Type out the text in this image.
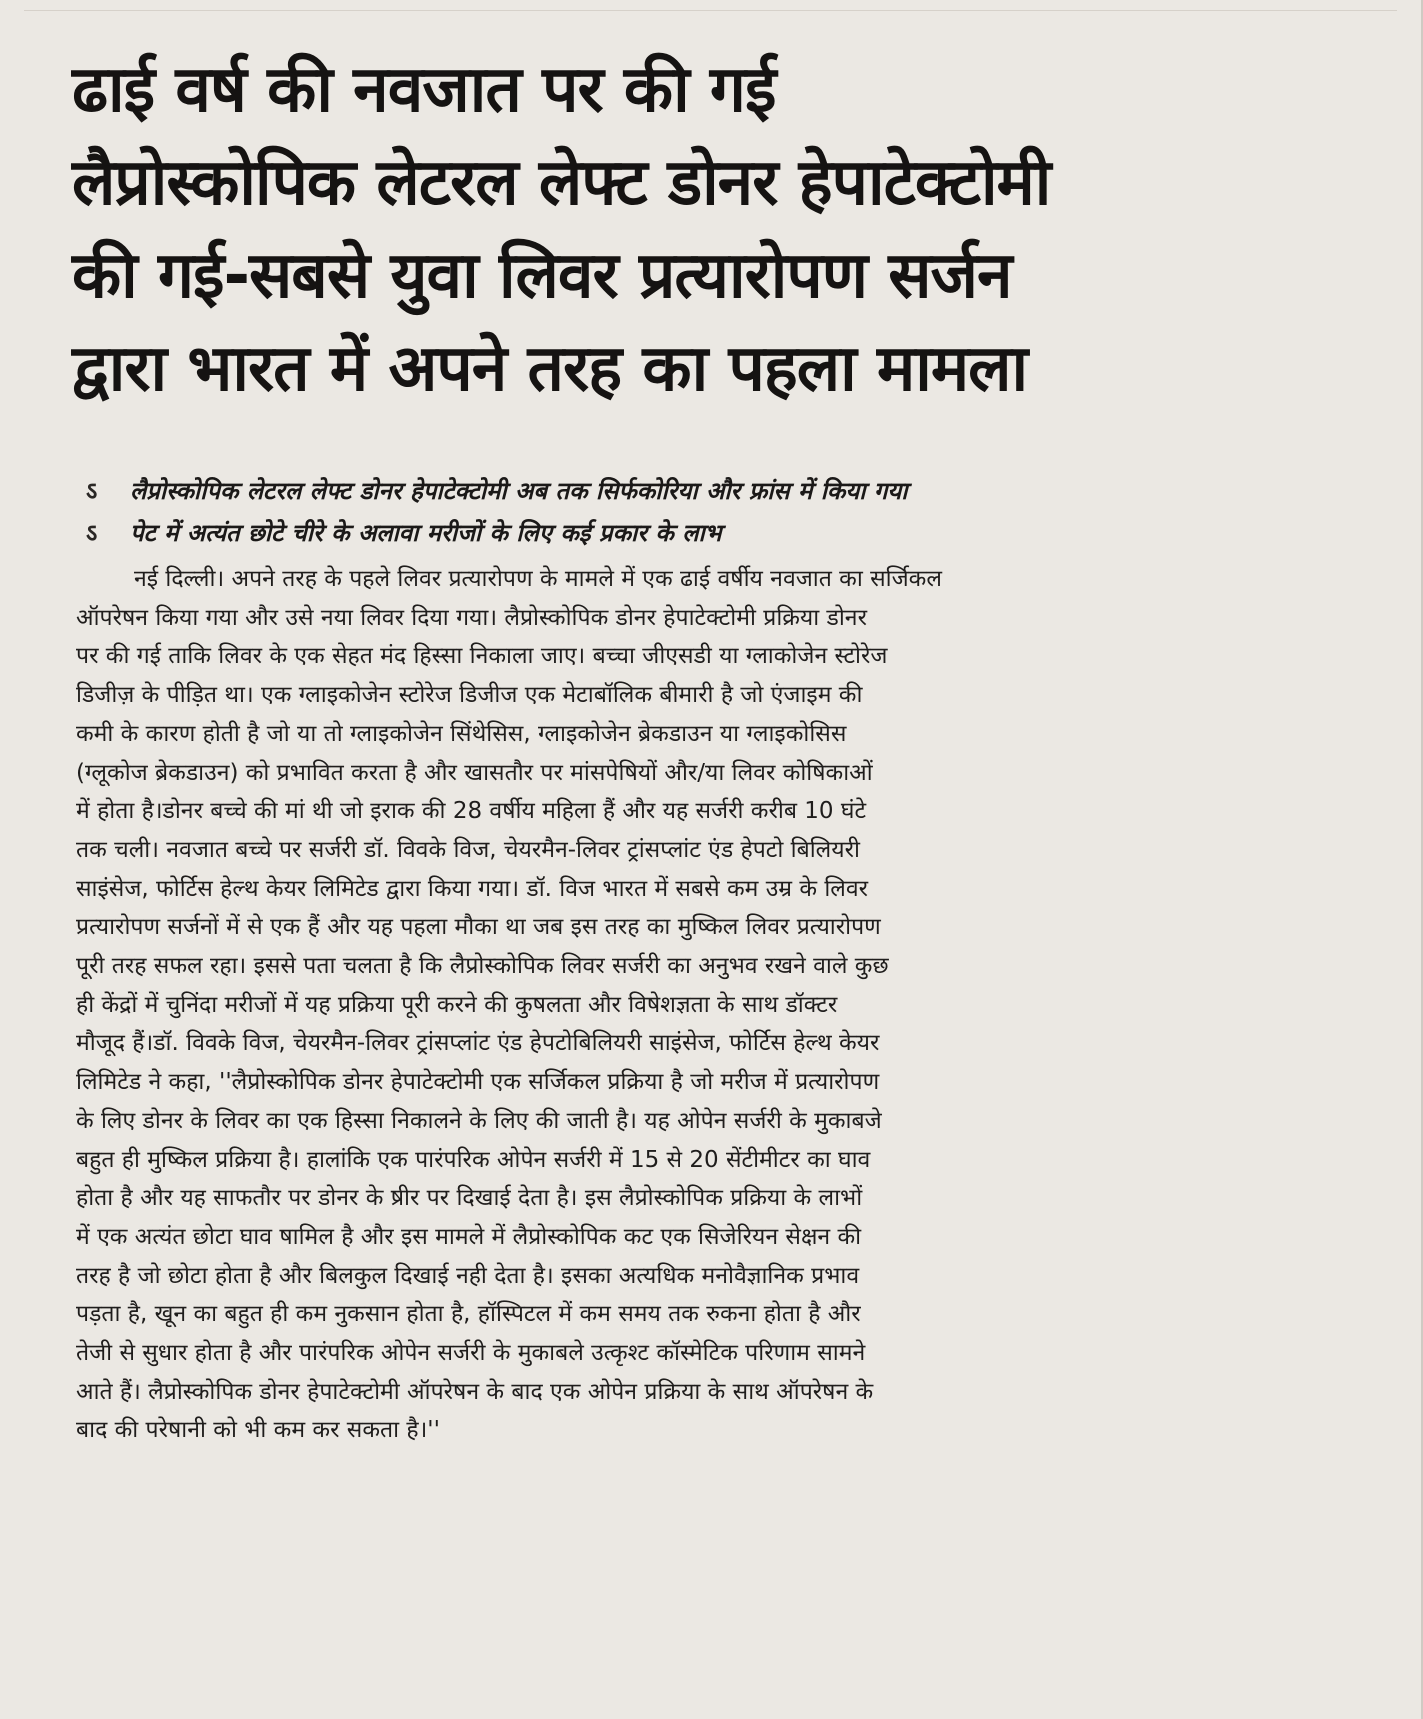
ढाई वर्ष की नवजात पर की गई
लैप्रोस्कोपिक लेटरल लेफ्ट डोनर हेपाटेक्टोमी
की गई-सबसे युवा लिवर प्रत्यारोपण सर्जन
द्वारा भारत में अपने तरह का पहला मामला
ऽ लैप्रोस्कोपिक लेटरल लेफ्ट डोनर हेपाटेक्टोमी अब तक सिर्फकोरिया और फ्रांस में किया गया
ऽ पेट में अत्यंत छोटे चीरे के अलावा मरीजों के लिए कई प्रकार के लाभ
नई दिल्ली। अपने तरह के पहले लिवर प्रत्यारोपण के मामले में एक ढाई वर्षीय नवजात का सर्जिकल
ऑपरेषन किया गया और उसे नया लिवर दिया गया। लैप्रोस्कोपिक डोनर हेपाटेक्टोमी प्रक्रिया डोनर
पर की गई ताकि लिवर के एक सेहत मंद हिस्सा निकाला जाए। बच्चा जीएसडी या ग्लाकोजेन स्टोरेज
डिजीज़ के पीड़ित था। एक ग्लाइकोजेन स्टोरेज डिजीज एक मेटाबॉलिक बीमारी है जो एंजाइम की
कमी के कारण होती है जो या तो ग्लाइकोजेन सिंथेसिस, ग्लाइकोजेन ब्रेकडाउन या ग्लाइकोसिस
(ग्लूकोज ब्रेकडाउन) को प्रभावित करता है और खासतौर पर मांसपेषियों और/या लिवर कोषिकाओं
में होता है।डोनर बच्चे की मां थी जो इराक की 28 वर्षीय महिला हैं और यह सर्जरी करीब 10 घंटे
तक चली। नवजात बच्चे पर सर्जरी डॉ. विवके विज, चेयरमैन-लिवर ट्रांसप्लांट एंड हेपटो बिलियरी
साइंसेज, फोर्टिस हेल्थ केयर लिमिटेड द्वारा किया गया। डॉ. विज भारत में सबसे कम उम्र के लिवर
प्रत्यारोपण सर्जनों में से एक हैं और यह पहला मौका था जब इस तरह का मुष्किल लिवर प्रत्यारोपण
पूरी तरह सफल रहा। इससे पता चलता है कि लैप्रोस्कोपिक लिवर सर्जरी का अनुभव रखने वाले कुछ
ही केंद्रों में चुनिंदा मरीजों में यह प्रक्रिया पूरी करने की कुषलता और विषेशज्ञता के साथ डॉक्टर
मौजूद हैं।डॉ. विवके विज, चेयरमैन-लिवर ट्रांसप्लांट एंड हेपटोबिलियरी साइंसेज, फोर्टिस हेल्थ केयर
लिमिटेड ने कहा, ''लैप्रोस्कोपिक डोनर हेपाटेक्टोमी एक सर्जिकल प्रक्रिया है जो मरीज में प्रत्यारोपण
के लिए डोनर के लिवर का एक हिस्सा निकालने के लिए की जाती है। यह ओपेन सर्जरी के मुकाबजे
बहुत ही मुष्किल प्रक्रिया है। हालांकि एक पारंपरिक ओपेन सर्जरी में 15 से 20 सेंटीमीटर का घाव
होता है और यह साफतौर पर डोनर के ष्रीर पर दिखाई देता है। इस लैप्रोस्कोपिक प्रक्रिया के लाभों
में एक अत्यंत छोटा घाव षामिल है और इस मामले में लैप्रोस्कोपिक कट एक सिजेरियन सेक्षन की
तरह है जो छोटा होता है और बिलकुल दिखाई नही देता है। इसका अत्यधिक मनोवैज्ञानिक प्रभाव
पड़ता है, खून का बहुत ही कम नुकसान होता है, हॉस्पिटल में कम समय तक रुकना होता है और
तेजी से सुधार होता है और पारंपरिक ओपेन सर्जरी के मुकाबले उत्कृश्ट कॉस्मेटिक परिणाम सामने
आते हैं। लैप्रोस्कोपिक डोनर हेपाटेक्टोमी ऑपरेषन के बाद एक ओपेन प्रक्रिया के साथ ऑपरेषन के
बाद की परेषानी को भी कम कर सकता है।''
